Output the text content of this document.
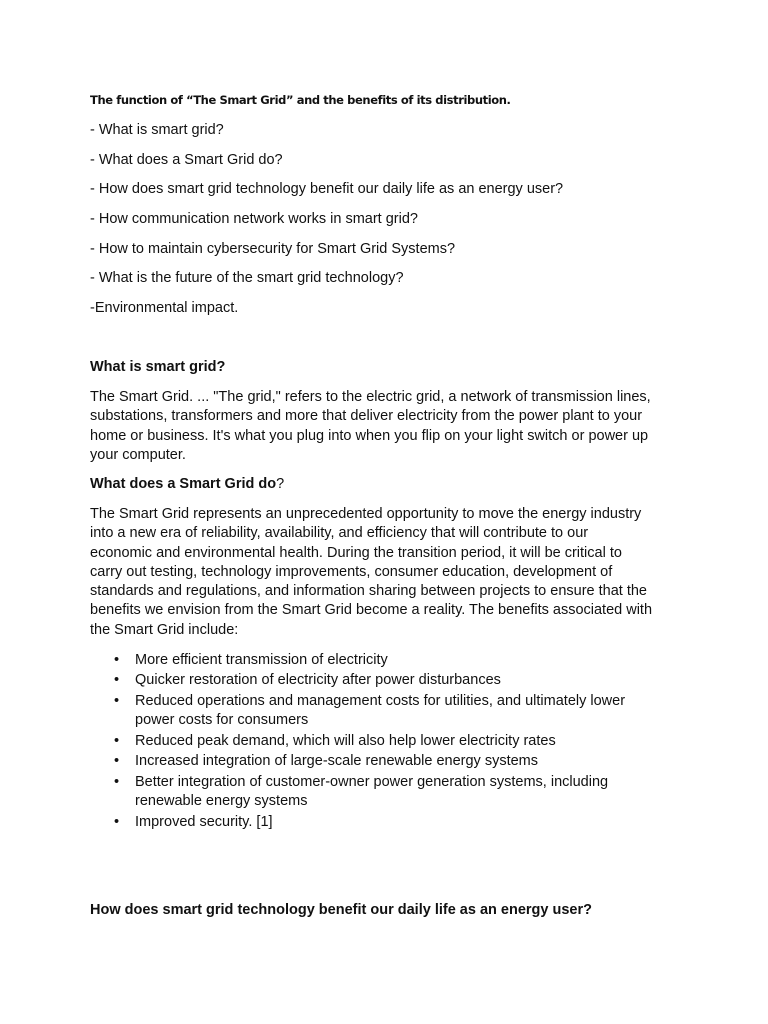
The function of “The Smart Grid” and the benefits of its distribution.
- What is smart grid?
- What does a Smart Grid do?
- How does smart grid technology benefit our daily life as an energy user?
- How communication network works in smart grid?
- How to maintain cybersecurity for Smart Grid Systems?
- What is the future of the smart grid technology?
-Environmental impact.
What is smart grid?

The Smart Grid. ... "The grid," refers to the electric grid, a network of transmission lines,
substations, transformers and more that deliver electricity from the power plant to your
home or business. It's what you plug into when you flip on your light switch or power up
your computer.

What does a Smart Grid do?

The Smart Grid represents an unprecedented opportunity to move the energy industry
into a new era of reliability, availability, and efficiency that will contribute to our
economic and environmental health. During the transition period, it will be critical to
carry out testing, technology improvements, consumer education, development of
standards and regulations, and information sharing between projects to ensure that the
benefits we envision from the Smart Grid become a reality. The benefits associated with
the Smart Grid include:

• More efficient transmission of electricity
• Quicker restoration of electricity after power disturbances
• Reduced operations and management costs for utilities, and ultimately lower
power costs for consumers
• Reduced peak demand, which will also help lower electricity rates
• Increased integration of large-scale renewable energy systems
• Better integration of customer-owner power generation systems, including
renewable energy systems
• Improved security. [1]
How does smart grid technology benefit our daily life as an energy user?
